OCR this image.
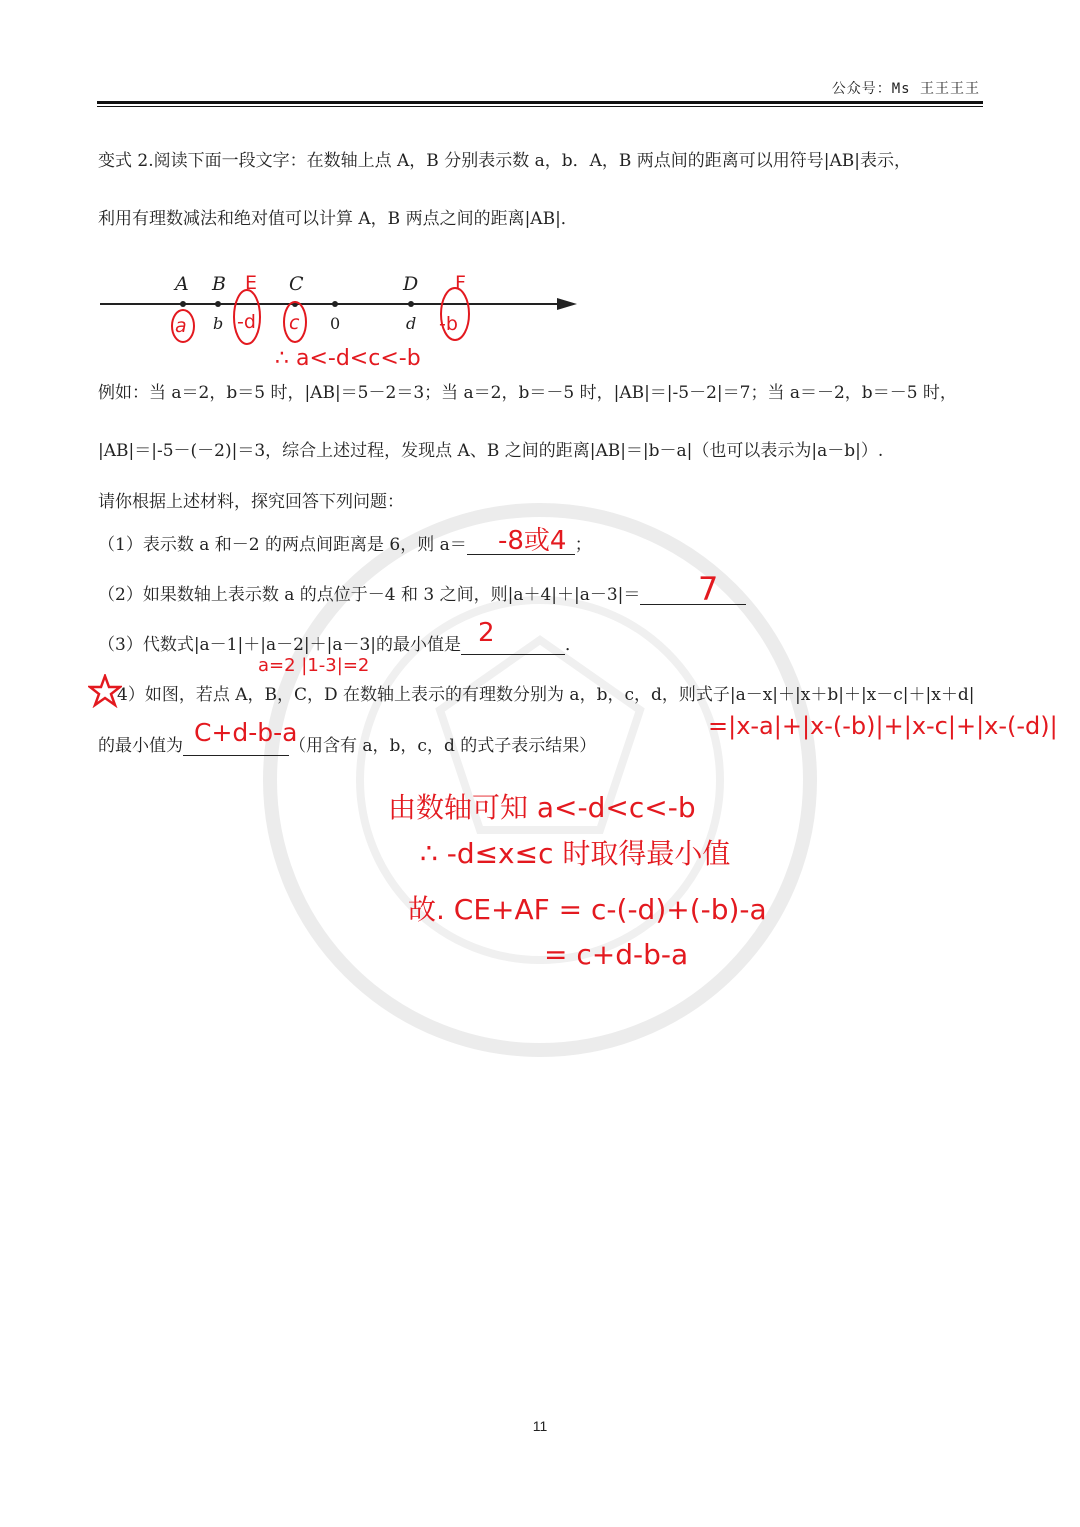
公众号：Ms 王王王王
变式 2.阅读下面一段文字：在数轴上点 A，B 分别表示数 a，b．A，B 两点间的距离可以用符号|AB|表示，
利用有理数减法和绝对值可以计算 A，B 两点之间的距离|AB|．
A B	C	D
b	0	d
a	-d c	-b
E	F
∴ a<-d<c<-b
例如：当 a＝2，b＝5 时，|AB|＝5－2＝3；当 a＝2，b＝－5 时，|AB|＝|-5－2|＝7；当 a＝－2，b＝－5 时，
|AB|＝|-5－(－2)|＝3，综合上述过程，发现点 A、B 之间的距离|AB|＝|b－a|（也可以表示为|a－b|）.
请你根据上述材料，探究回答下列问题：
（1）表示数 a 和－2 的两点间距离是 6，则 a＝	；
-8或4
（2）如果数轴上表示数 a 的点位于－4 和 3 之间，则|a＋4|＋|a－3|＝	7
（3）代数式|a－1|＋|a－2|＋|a－3|的最小值是	．
2
a=2 |1-3|=2
4）如图，若点 A，B，C，D 在数轴上表示的有理数分别为 a，b，c，d，则式子|a－x|＋|x＋b|＋|x－c|＋|x＋d|
的最小值为	（用含有 a，b，c，d 的式子表示结果）
C+d-b-a	=|x-a|+|x-(-b)|+|x-c|+|x-(-d)|
由数轴可知 a<-d<c<-b
∴ -d≤x≤c 时取得最小值
故. CE+AF = c-(-d)+(-b)-a
= c+d-b-a
11
